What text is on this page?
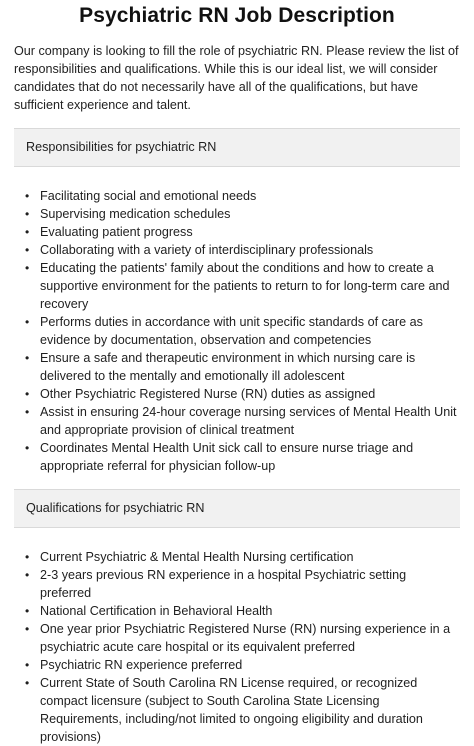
Psychiatric RN Job Description

Our company is looking to fill the role of psychiatric RN. Please review the list of responsibilities and qualifications. While this is our ideal list, we will consider candidates that do not necessarily have all of the qualifications, but have sufficient experience and talent.

Responsibilities for psychiatric RN
• Facilitating social and emotional needs
• Supervising medication schedules
• Evaluating patient progress
• Collaborating with a variety of interdisciplinary professionals
• Educating the patients' family about the conditions and how to create a supportive environment for the patients to return to for long-term care and recovery
• Performs duties in accordance with unit specific standards of care as evidence by documentation, observation and competencies
• Ensure a safe and therapeutic environment in which nursing care is delivered to the mentally and emotionally ill adolescent
• Other Psychiatric Registered Nurse (RN) duties as assigned
• Assist in ensuring 24-hour coverage nursing services of Mental Health Unit and appropriate provision of clinical treatment
• Coordinates Mental Health Unit sick call to ensure nurse triage and appropriate referral for physician follow-up
Qualifications for psychiatric RN
• Current Psychiatric & Mental Health Nursing certification
• 2-3 years previous RN experience in a hospital Psychiatric setting preferred
• National Certification in Behavioral Health
• One year prior Psychiatric Registered Nurse (RN) nursing experience in a psychiatric acute care hospital or its equivalent preferred
• Psychiatric RN experience preferred
• Current State of South Carolina RN License required, or recognized compact licensure (subject to South Carolina State Licensing Requirements, including/not limited to ongoing eligibility and duration provisions)
